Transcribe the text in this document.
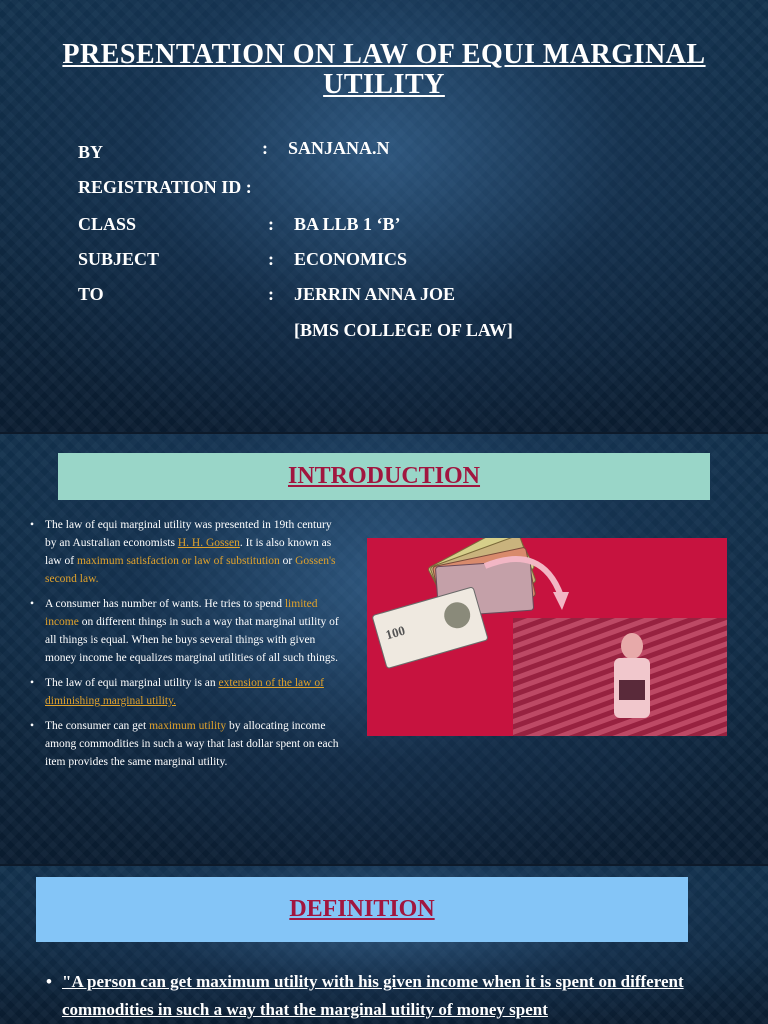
PRESENTATION ON LAW OF EQUI MARGINAL UTILITY
BY	: SANJANA.N
REGISTRATION ID :
CLASS	: BA LLB 1 ‘B’
SUBJECT	: ECONOMICS
TO	: JERRIN ANNA JOE
[BMS COLLEGE OF LAW]
INTRODUCTION
• The law of equi marginal utility was presented in 19th century by an Australian economists H. H. Gossen. It is also known as law of maximum satisfaction or law of substitution or Gossen's second law.
• A consumer has number of wants. He tries to spend limited income on different things in such a way that marginal utility of all things is equal. When he buys several things with given money income he equalizes marginal utilities of all such things.
• The law of equi marginal utility is an extension of the law of diminishing marginal utility.
• The consumer can get maximum utility by allocating income among commodities in such a way that last dollar spent on each item provides the same marginal utility.
100
DEFINITION
• "A person can get maximum utility with his given income when it is spent on different commodities in such a way that the marginal utility of money spent
